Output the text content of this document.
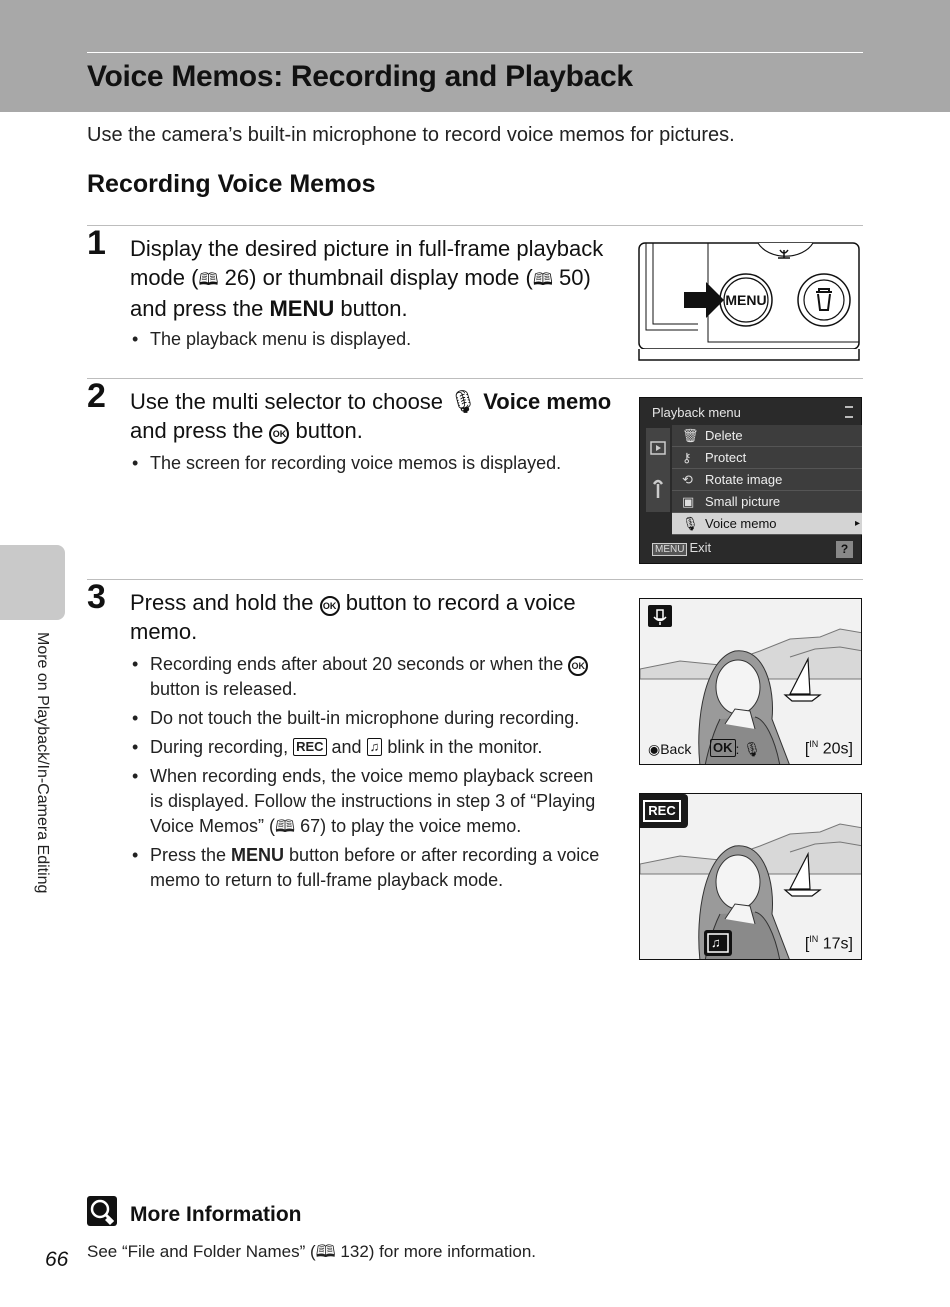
Voice Memos: Recording and Playback

Use the camera’s built-in microphone to record voice memos for pictures.

Recording Voice Memos
1 Display the desired picture in full-frame playback mode (🕮 26) or thumbnail display mode (🕮 50) and press the MENU button.
• The playback menu is displayed.
MENU
2 Use the multi selector to choose 🎙 Voice memo and press the OK button.
• The screen for recording voice memos is displayed.
Playback menu
🗑 Delete
⚷ Protect
⟲ Rotate image
▣ Small picture
🎙 Voice memo ▸
MENU Exit	?
3 Press and hold the OK button to record a voice memo.
• Recording ends after about 20 seconds or when the OK button is released.
• Do not touch the built-in microphone during recording.
• During recording, REC and ♫ blink in the monitor.
• When recording ends, the voice memo playback screen is displayed. Follow the instructions in step 3 of “Playing Voice Memos” (🕮 67) to play the voice memo.
• Press the MENU button before or after recording a voice memo to return to full-frame playback mode.
◉Back OK : 🎙	[$^{IN}$ 20s]
REC
♫	[$^{IN}$ 17s]
More on Playback/In-Camera Editing
More Information
See “File and Folder Names” (🕮 132) for more information.
66
